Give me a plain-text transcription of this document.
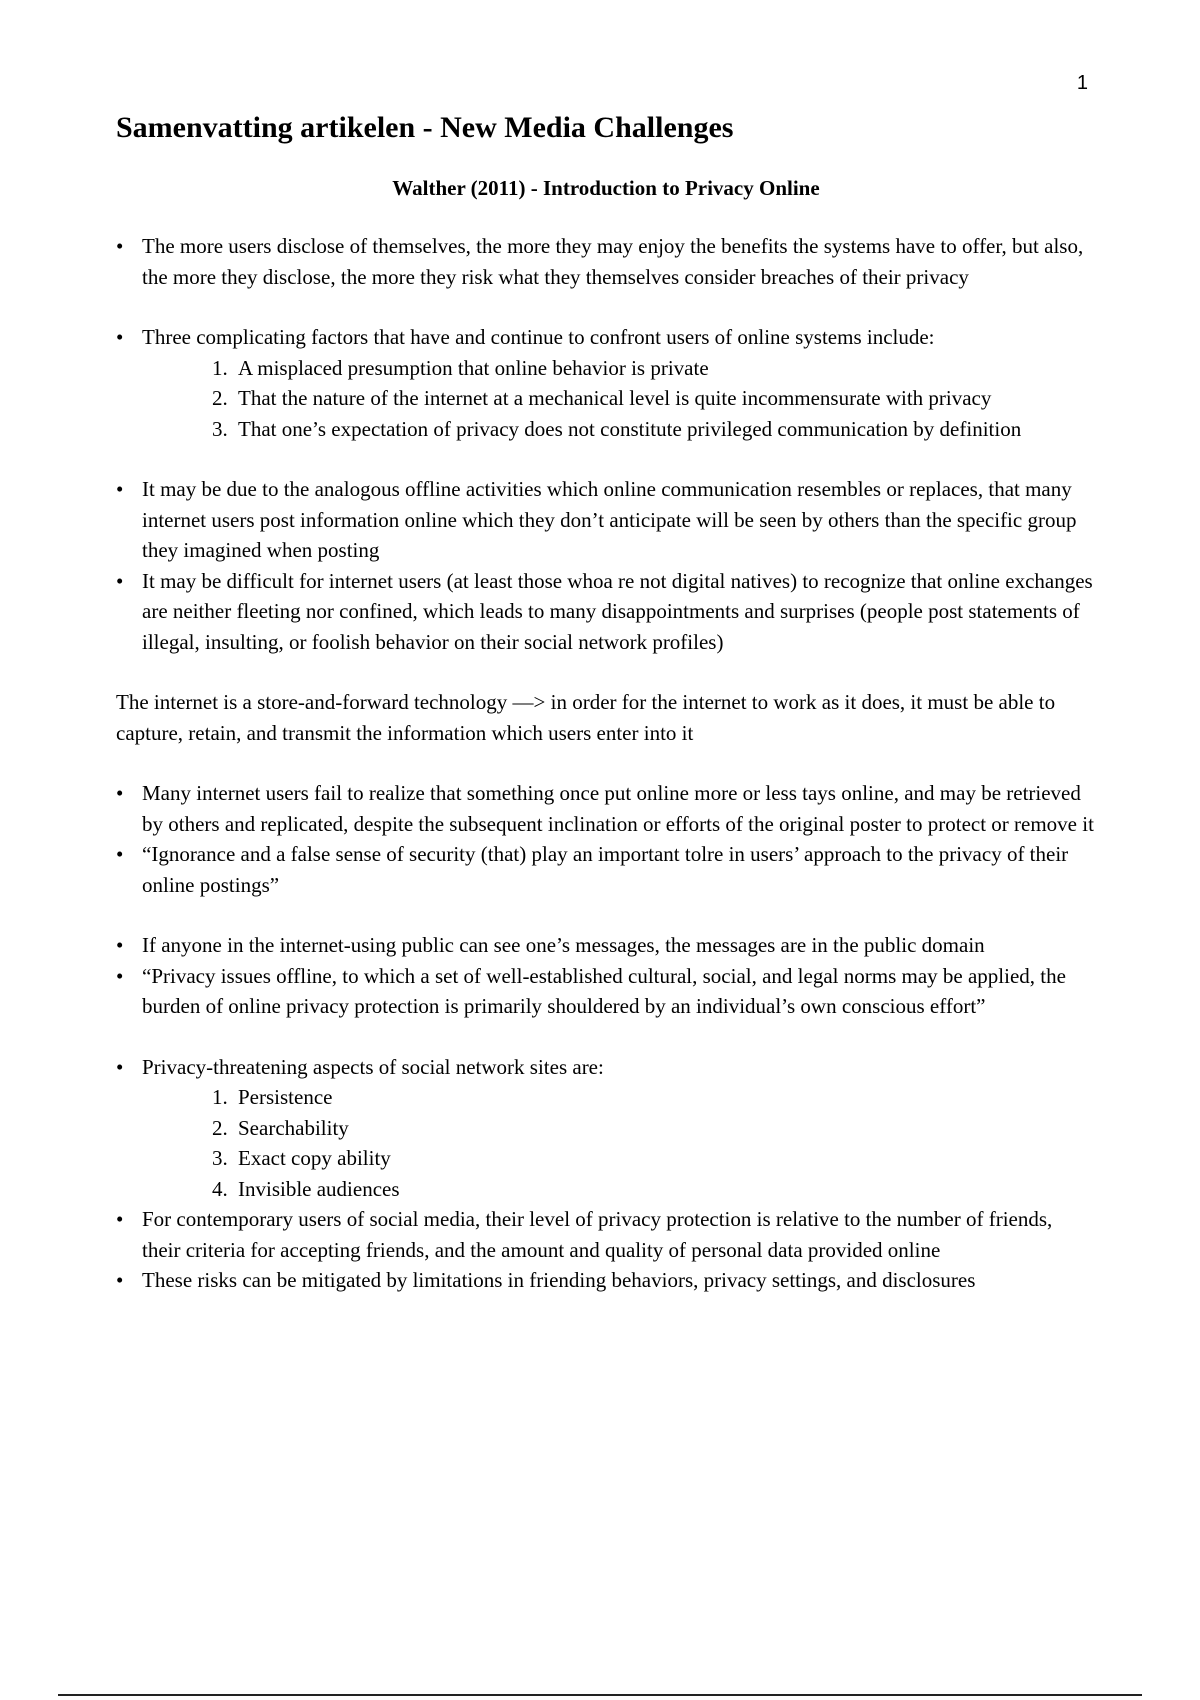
1
Samenvatting artikelen - New Media Challenges
Walther (2011) - Introduction to Privacy Online
• The more users disclose of themselves, the more they may enjoy the benefits the systems have to offer, but also, the more they disclose, the more they risk what they themselves consider breaches of their privacy
• Three complicating factors that have and continue to confront users of online systems include:
1. A misplaced presumption that online behavior is private
2. That the nature of the internet at a mechanical level is quite incommensurate with privacy
3. That one’s expectation of privacy does not constitute privileged communication by definition
• It may be due to the analogous offline activities which online communication resembles or replaces, that many internet users post information online which they don’t anticipate will be seen by others than the specific group they imagined when posting
• It may be difficult for internet users (at least those whoa re not digital natives) to recognize that online exchanges are neither fleeting nor confined, which leads to many disappointments and surprises (people post statements of illegal, insulting, or foolish behavior on their social network profiles)

The internet is a store-and-forward technology —> in order for the internet to work as it does, it must be able to capture, retain, and transmit the information which users enter into it

• Many internet users fail to realize that something once put online more or less tays online, and may be retrieved by others and replicated, despite the subsequent inclination or efforts of the original poster to protect or remove it
• “Ignorance and a false sense of security (that) play an important tolre in users’ approach to the privacy of their online postings”
• If anyone in the internet-using public can see one’s messages, the messages are in the public domain
• “Privacy issues offline, to which a set of well-established cultural, social, and legal norms may be applied, the burden of online privacy protection is primarily shouldered by an individual’s own conscious effort”
• Privacy-threatening aspects of social network sites are:
1. Persistence
2. Searchability
3. Exact copy ability
4. Invisible audiences
• For contemporary users of social media, their level of privacy protection is relative to the number of friends, their criteria for accepting friends, and the amount and quality of personal data provided online
• These risks can be mitigated by limitations in friending behaviors, privacy settings, and disclosures
